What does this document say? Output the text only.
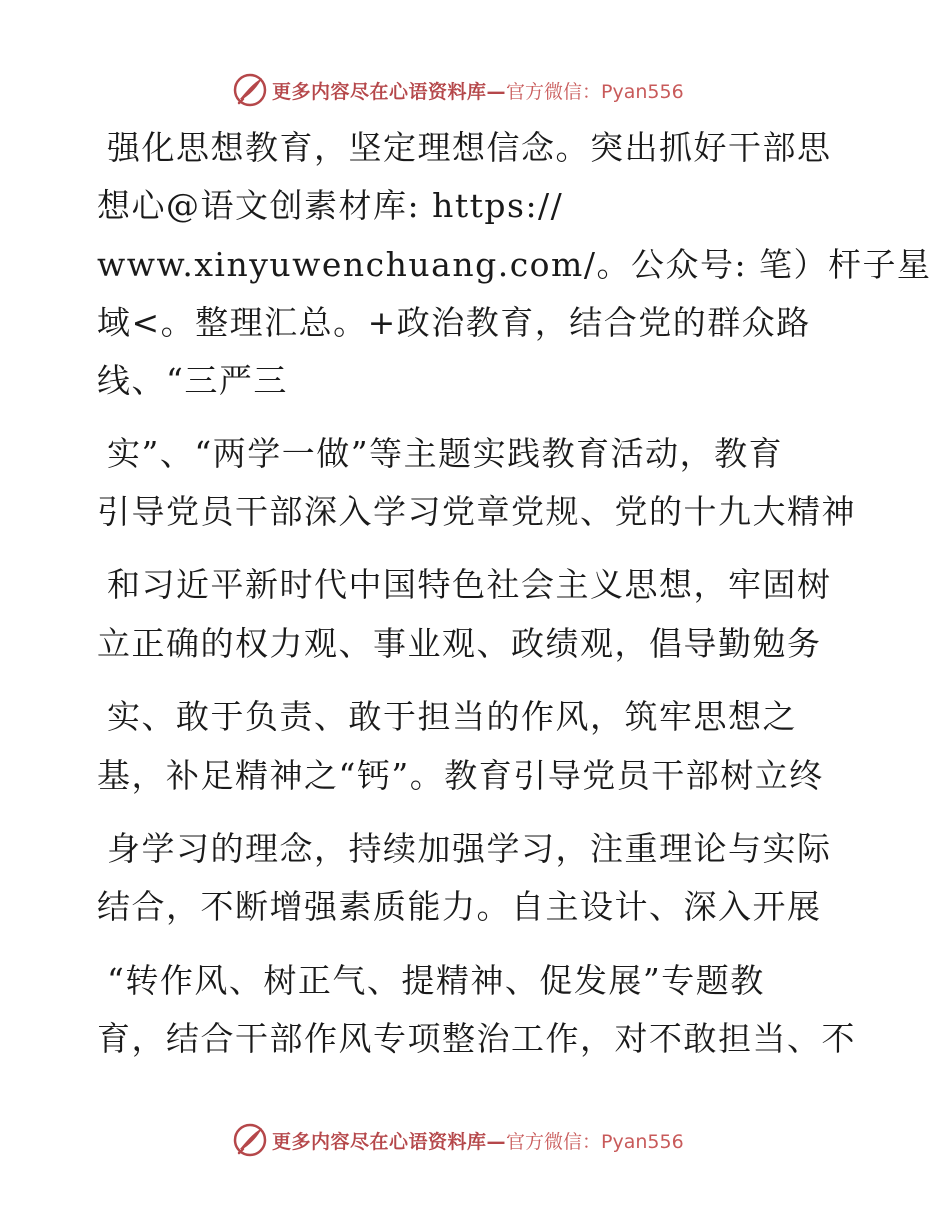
更多内容尽在心语资料库— 官方微信：Pyan556
强化思想教育，坚定理想信念。突出抓好干部思
想心@语文创素材库: https://
www.xinyuwenchuang.com/。公众号: 笔）杆子星
域<。整理汇总。+政治教育，结合党的群众路
线、“三严三
实”、“两学一做”等主题实践教育活动，教育
引导党员干部深入学习党章党规、党的十九大精神
和习近平新时代中国特色社会主义思想，牢固树
立正确的权力观、事业观、政绩观，倡导勤勉务
实、敢于负责、敢于担当的作风，筑牢思想之
基，补足精神之“钙”。教育引导党员干部树立终
身学习的理念，持续加强学习，注重理论与实际
结合，不断增强素质能力。自主设计、深入开展
“转作风、树正气、提精神、促发展”专题教
育，结合干部作风专项整治工作，对不敢担当、不
更多内容尽在心语资料库— 官方微信：Pyan556
